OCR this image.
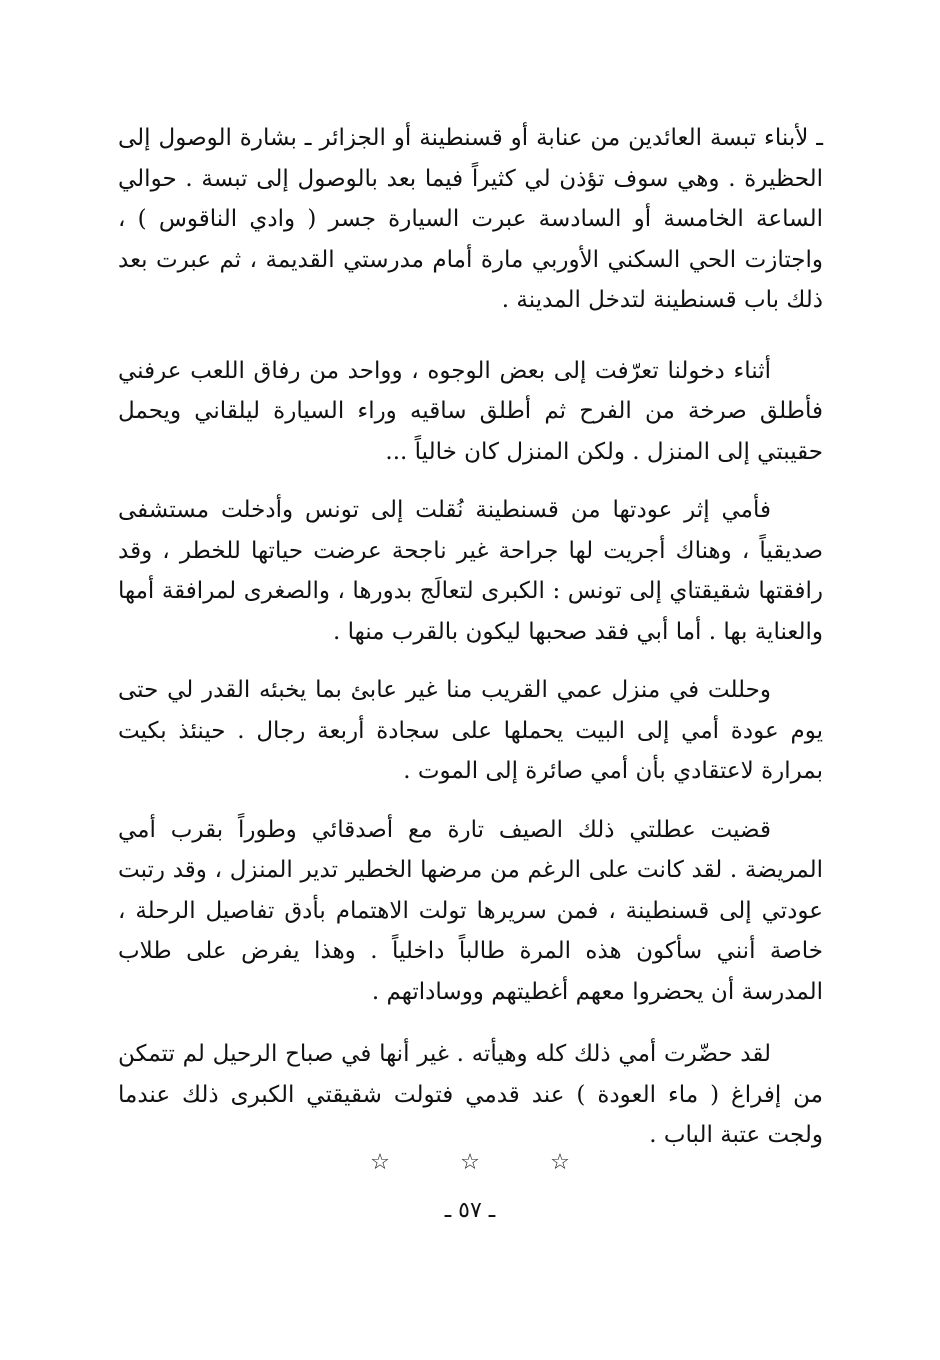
ـ لأبناء تبسة العائدين من عنابة أو قسنطينة أو الجزائر ـ بشارة الوصول إلى الحظيرة . وهي سوف تؤذن لي كثيراً فيما بعد بالوصول إلى تبسة . حوالي الساعة الخامسة أو السادسة عبرت السيارة جسر ( وادي الناقوس ) ، واجتازت الحي السكني الأوربي مارة أمام مدرستي القديمة ، ثم عبرت بعد ذلك باب قسنطينة لتدخل المدينة .

أثناء دخولنا تعرّفت إلى بعض الوجوه ، وواحد من رفاق اللعب عرفني فأطلق صرخة من الفرح ثم أطلق ساقيه وراء السيارة ليلقاني ويحمل حقيبتي إلى المنزل . ولكن المنزل كان خالياً ...

فأمي إثر عودتها من قسنطينة نُقلت إلى تونس وأدخلت مستشفى صديقياً ، وهناك أجريت لها جراحة غير ناجحة عرضت حياتها للخطر ، وقد رافقتها شقيقتاي إلى تونس : الكبرى لتعالَج بدورها ، والصغرى لمرافقة أمها والعناية بها . أما أبي فقد صحبها ليكون بالقرب منها .

وحللت في منزل عمي القريب منا غير عابئ بما يخبئه القدر لي حتى يوم عودة أمي إلى البيت يحملها على سجادة أربعة رجال . حينئذ بكيت بمرارة لاعتقادي بأن أمي صائرة إلى الموت .

قضيت عطلتي ذلك الصيف تارة مع أصدقائي وطوراً بقرب أمي المريضة . لقد كانت على الرغم من مرضها الخطير تدير المنزل ، وقد رتبت عودتي إلى قسنطينة ، فمن سريرها تولت الاهتمام بأدق تفاصيل الرحلة ، خاصة أنني سأكون هذه المرة طالباً داخلياً . وهذا يفرض على طلاب المدرسة أن يحضروا معهم أغطيتهم ووساداتهم .

لقد حضّرت أمي ذلك كله وهيأته . غير أنها في صباح الرحيل لم تتمكن من إفراغ ( ماء العودة ) عند قدمي فتولت شقيقتي الكبرى ذلك عندما ولجت عتبة الباب .

☆	☆	☆
ـ ٥٧ ـ
